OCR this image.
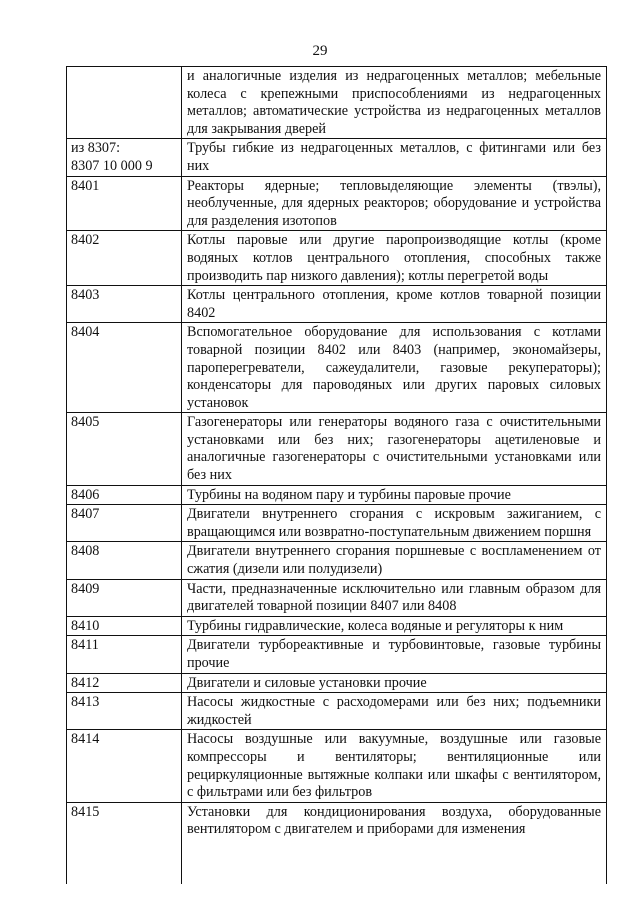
29
	и аналогичные изделия из недрагоценных металлов; мебельные колеса с крепежными приспособлениями из недрагоценных металлов; автоматические устройства из недрагоценных металлов для закрывания дверей

из 8307:
8307 10 000 9	Трубы гибкие из недрагоценных металлов, с фитингами или без них
8401	Реакторы ядерные; тепловыделяющие элементы (твэлы), необлученные, для ядерных реакторов; оборудование и устройства для разделения изотопов
8402	Котлы паровые или другие паропроизводящие котлы (кроме водяных котлов центрального отопления, способных также производить пар низкого давления); котлы перегретой воды
8403	Котлы центрального отопления, кроме котлов товарной позиции 8402
8404	Вспомогательное оборудование для использования с котлами товарной позиции 8402 или 8403 (например, экономайзеры, пароперегреватели, сажеудалители, газовые рекуператоры); конденсаторы для пароводяных или других паровых силовых установок
8405	Газогенераторы или генераторы водяного газа с очистительными установками или без них; газогенераторы ацетиленовые и аналогичные газогенераторы с очистительными установками или без них
8406	Турбины на водяном пару и турбины паровые прочие
8407	Двигатели внутреннего сгорания с искровым зажиганием, с вращающимся или возвратно-поступательным движением поршня
8408	Двигатели внутреннего сгорания поршневые с воспламенением от сжатия (дизели или полудизели)
8409	Части, предназначенные исключительно или главным образом для двигателей товарной позиции 8407 или 8408
8410	Турбины гидравлические, колеса водяные и регуляторы к ним
8411	Двигатели турбореактивные и турбовинтовые, газовые турбины прочие
8412	Двигатели и силовые установки прочие
8413	Насосы жидкостные с расходомерами или без них; подъемники жидкостей
8414	Насосы воздушные или вакуумные, воздушные или газовые компрессоры и вентиляторы; вентиляционные или рециркуляционные вытяжные колпаки или шкафы с вентилятором, с фильтрами или без фильтров
8415	Установки для кондиционирования воздуха, оборудованные вентилятором с двигателем и приборами для изменения
